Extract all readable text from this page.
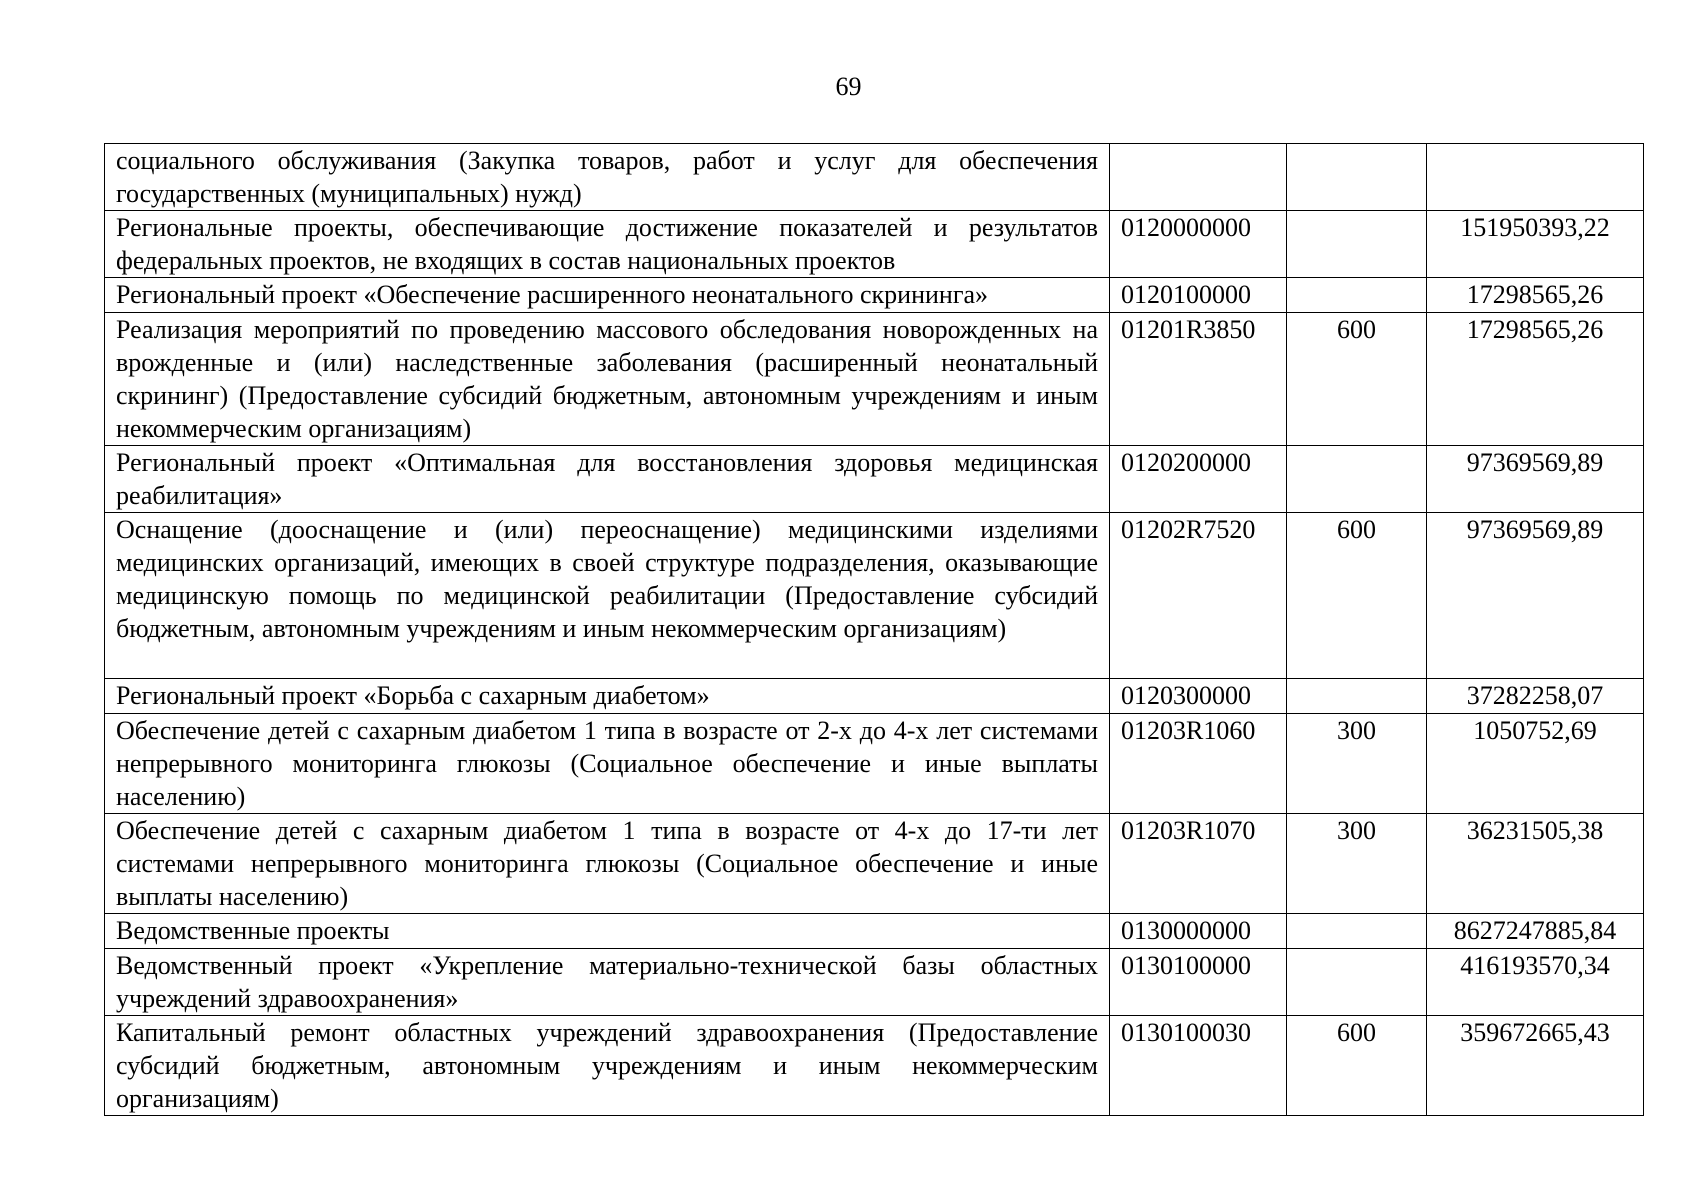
69
социального обслуживания (Закупка товаров, работ и услуг для обеспечения государственных (муниципальных) нужд)			
Региональные проекты, обеспечивающие достижение показателей и результатов федеральных проектов, не входящих в состав национальных проектов	0120000000		151950393,22
Региональный проект «Обеспечение расширенного неонатального скрининга»	0120100000		17298565,26
Реализация мероприятий по проведению массового обследования новорожденных на врожденные и (или) наследственные заболевания (расширенный неонатальный скрининг) (Предоставление субсидий бюджетным, автономным учреждениям и иным некоммерческим организациям)	01201R3850	600	17298565,26
Региональный проект «Оптимальная для восстановления здоровья медицинская реабилитация»	0120200000		97369569,89
Оснащение (дооснащение и (или) переоснащение) медицинскими изделиями медицинских организаций, имеющих в своей структуре подразделения, оказывающие медицинскую помощь по медицинской реабилитации (Предоставление субсидий бюджетным, автономным учреждениям и иным некоммерческим организациям)	01202R7520	600	97369569,89
Региональный проект «Борьба с сахарным диабетом»	0120300000		37282258,07
Обеспечение детей с сахарным диабетом 1 типа в возрасте от 2-х до 4-х лет системами непрерывного мониторинга глюкозы (Социальное обеспечение и иные выплаты населению)	01203R1060	300	1050752,69
Обеспечение детей с сахарным диабетом 1 типа в возрасте от 4-х до 17-ти лет системами непрерывного мониторинга глюкозы (Социальное обеспечение и иные выплаты населению)	01203R1070	300	36231505,38
Ведомственные проекты	0130000000		8627247885,84
Ведомственный проект «Укрепление материально-технической базы областных учреждений здравоохранения»	0130100000		416193570,34
Капитальный ремонт областных учреждений здравоохранения (Предоставление субсидий бюджетным, автономным учреждениям и иным некоммерческим организациям)	0130100030	600	359672665,43
